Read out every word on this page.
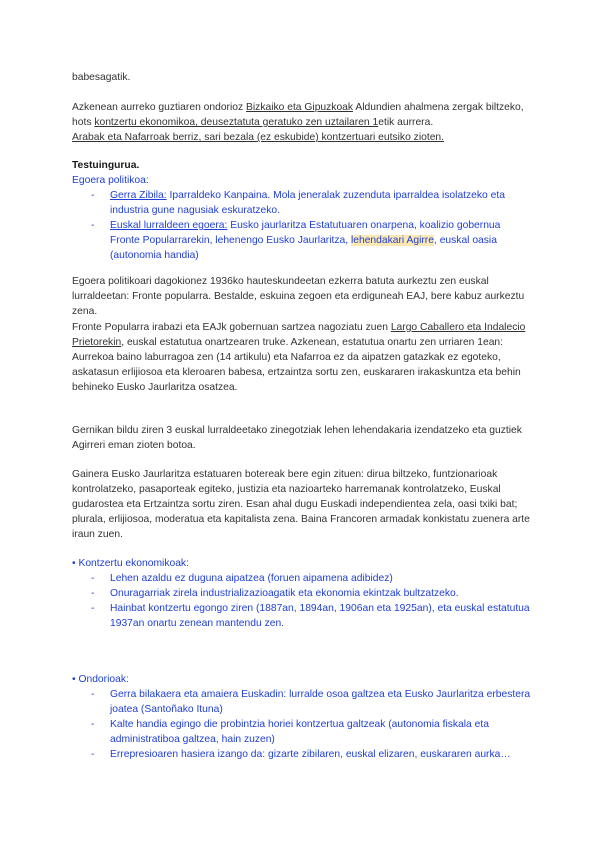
babesagatik.

Azkenean aurreko guztiaren ondorioz Bizkaiko eta Gipuzkoak Aldundien ahalmena zergak biltzeko, hots kontzertu ekonomikoa, deuseztatuta geratuko zen uztailaren 1etik aurrera.
Arabak eta Nafarroak berriz, sari bezala (ez eskubide) kontzertuari eutsiko zioten.

Testuingurua.

Egoera politikoa:

- Gerra Zibila: Iparraldeko Kanpaina. Mola jeneralak zuzenduta iparraldea isolatzeko eta industria gune nagusiak eskuratzeko.
- Euskal lurraldeen egoera: Eusko jaurlaritza Estatutuaren onarpena, koalizio gobernua Fronte Popularrarekin, lehenengo Eusko Jaurlaritza, lehendakari Agirre, euskal oasia (autonomia handia)

Egoera politikoari dagokionez 1936ko hauteskundeetan ezkerra batuta aurkeztu zen euskal lurraldeetan: Fronte popularra. Bestalde, eskuina zegoen eta erdiguneah EAJ, bere kabuz aurkeztu zena.

Fronte Popularra irabazi eta EAJk gobernuan sartzea nagoziatu zuen Largo Caballero eta Indalecio Prietorekin, euskal estatutua onartzearen truke. Azkenean, estatutua onartu zen urriaren 1ean: Aurrekoa baino laburragoa zen (14 artikulu) eta Nafarroa ez da aipatzen gatazkak ez egoteko, askatasun erlijiosoa eta kleroaren babesa, ertzaintza sortu zen, euskararen irakaskuntza eta behin behineko Eusko Jaurlaritza osatzea.

Gernikan bildu ziren 3 euskal lurraldeetako zinegotziak lehen lehendakaria izendatzeko eta guztiek Agirreri eman zioten botoa.

Gainera Eusko Jaurlaritza estatuaren botereak bere egin zituen: dirua biltzeko, funtzionarioak kontrolatzeko, pasaporteak egiteko, justizia eta nazioarteko harremanak kontrolatzeko, Euskal gudarostea eta Ertzaintza sortu ziren. Esan ahal dugu Euskadi independientea zela, oasi txiki bat; plurala, erlijiosoa, moderatua eta kapitalista zena. Baina Francoren armadak konkistatu zuenera arte iraun zuen.

• Kontzertu ekonomikoak:

- Lehen azaldu ez duguna aipatzea (foruen aipamena adibidez)
- Onuragarriak zirela industrializazioagatik eta ekonomia ekintzak bultzatzeko.
- Hainbat kontzertu egongo ziren (1887an, 1894an, 1906an eta 1925an), eta euskal estatutua 1937an onartu zenean mantendu zen.

• Ondorioak:

- Gerra bilakaera eta amaiera Euskadin: lurralde osoa galtzea eta Eusko Jaurlaritza erbestera joatea (Santoñako Ituna)
- Kalte handia egingo die probintzia horiei kontzertua galtzeak (autonomia fiskala eta administratiboa galtzea, hain zuzen)
- Errepresioaren hasiera izango da: gizarte zibilaren, euskal elizaren, euskararen aurka…
